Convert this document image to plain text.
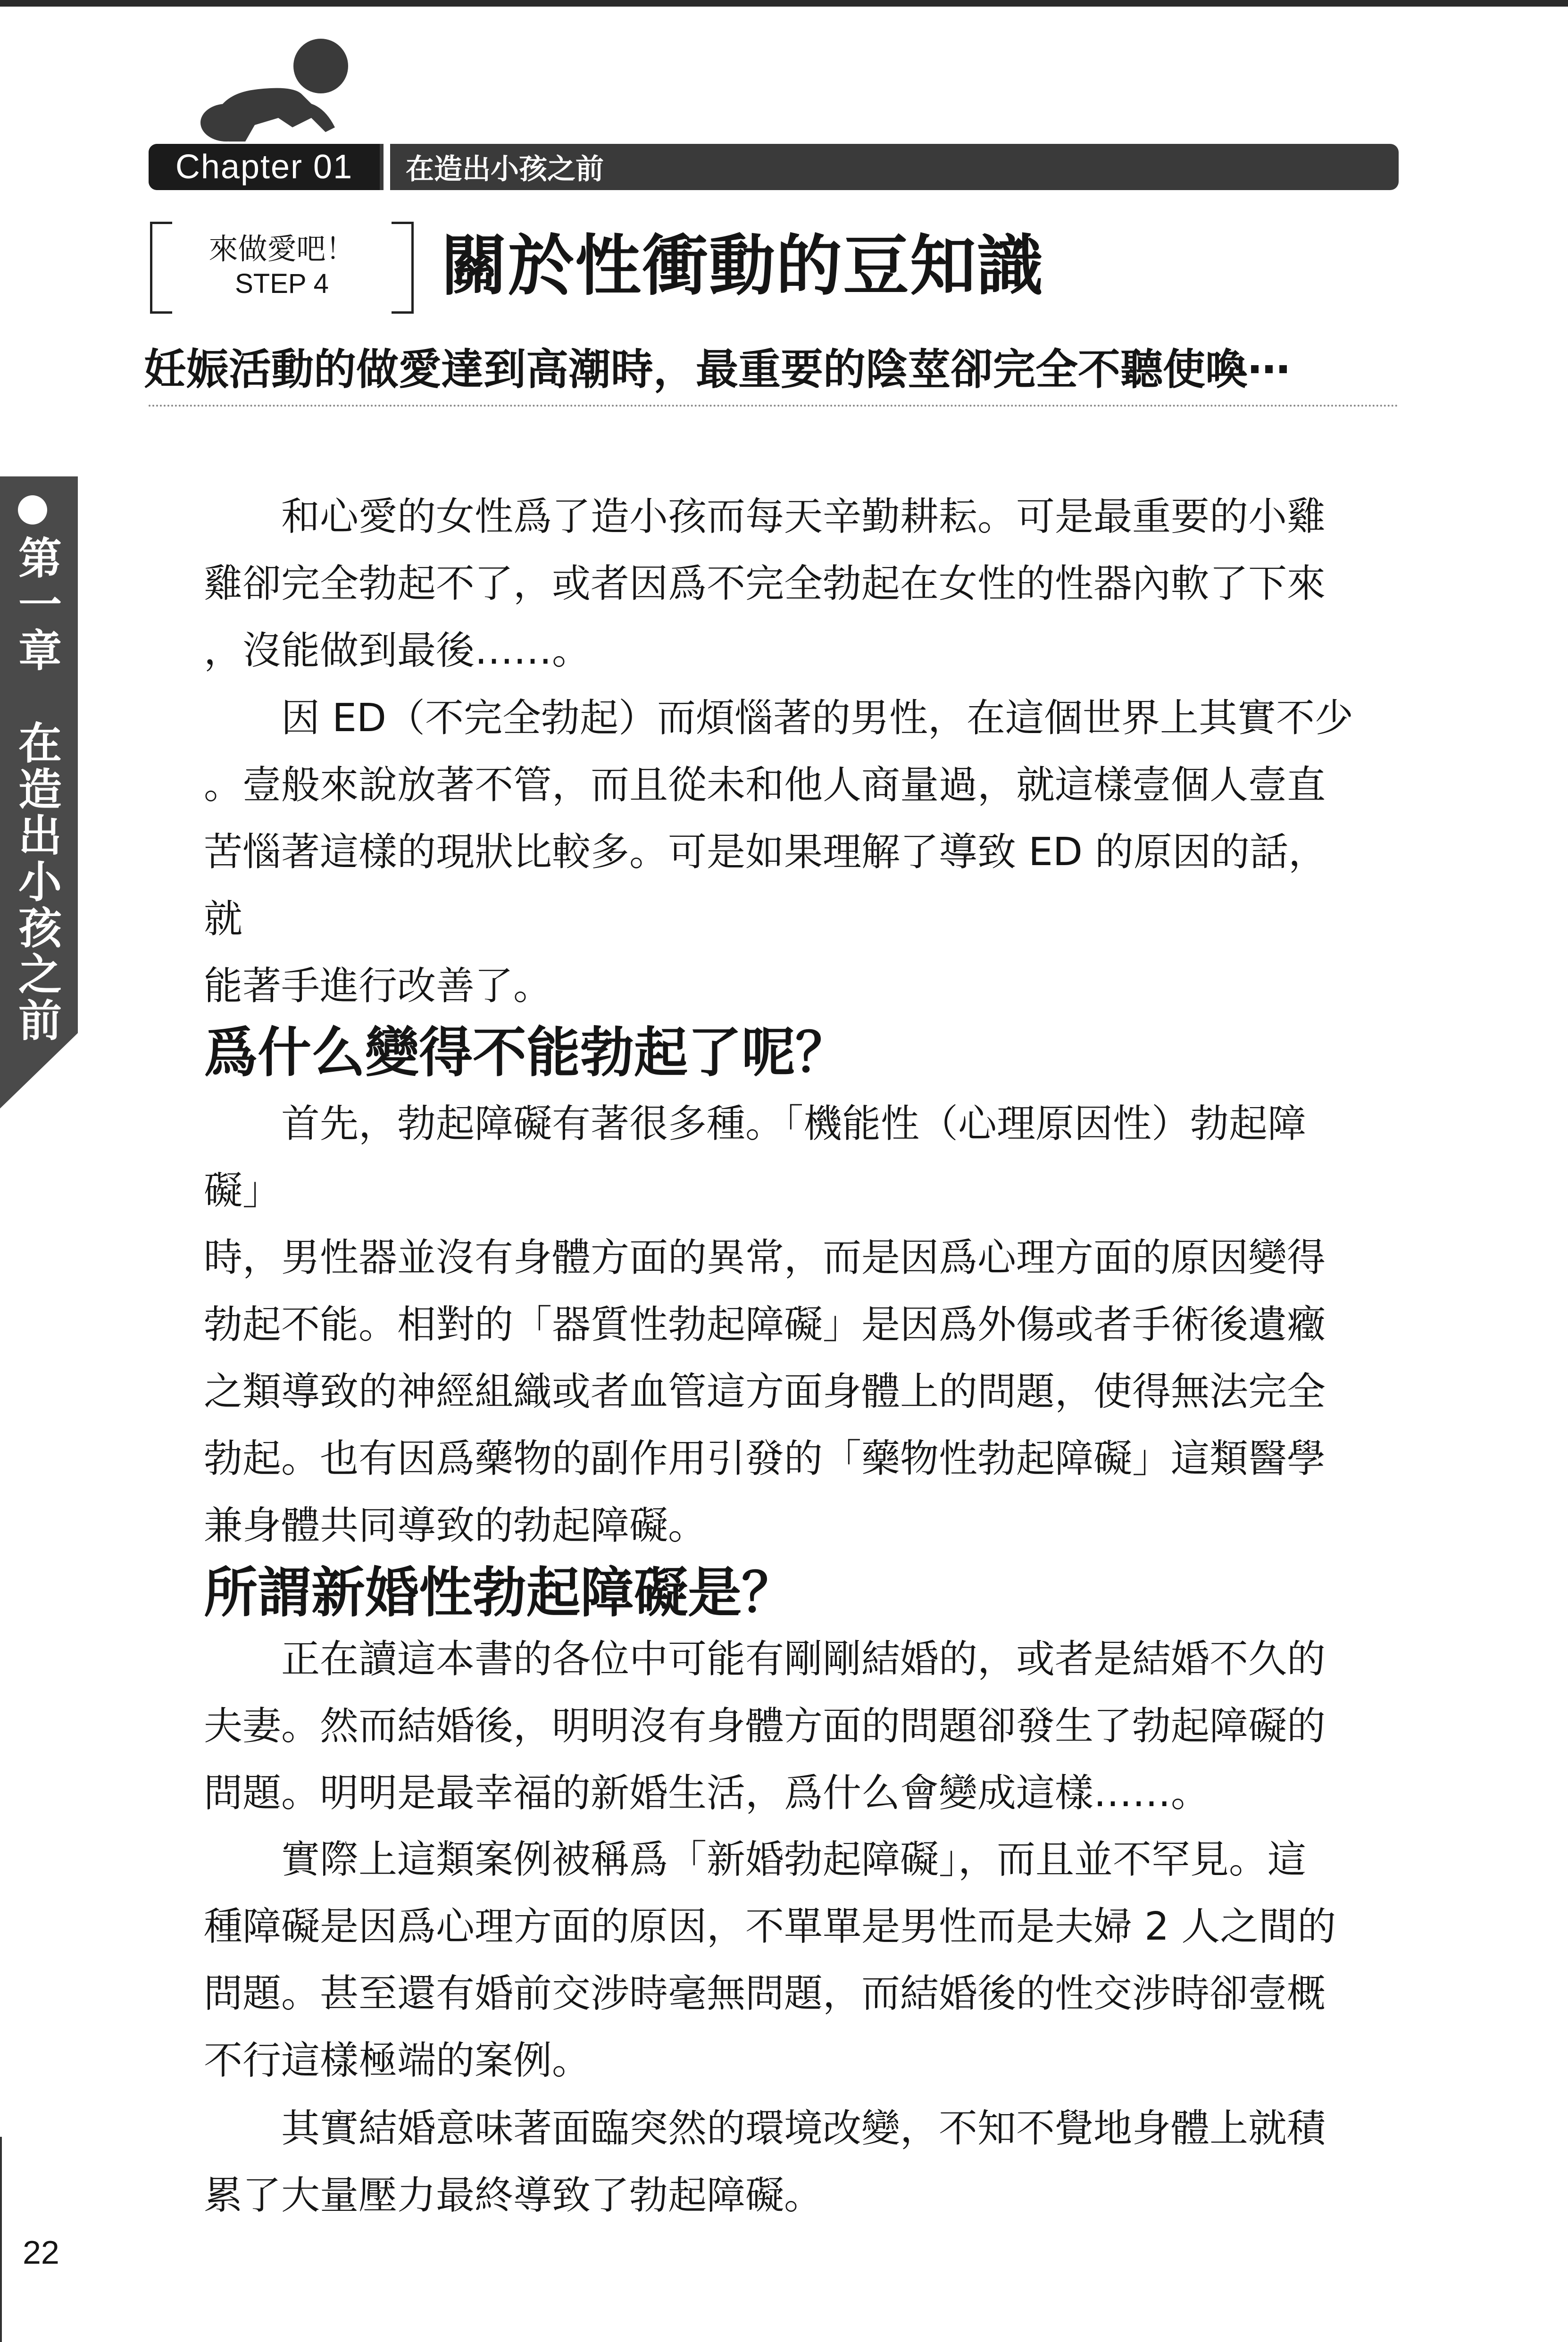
Chapter 01	在造出小孩之前
來做愛吧！
STEP 4	關於性衝動的豆知識
妊娠活動的做愛達到高潮時，最重要的陰莖卻完全不聽使喚⋯
第一章　在造出小孩之前

和心愛的女性爲了造小孩而每天辛勤耕耘。可是最重要的小雞
雞卻完全勃起不了，或者因爲不完全勃起在女性的性器內軟了下來
，沒能做到最後……。

因 ED（不完全勃起）而煩惱著的男性，在這個世界上其實不少
。壹般來說放著不管，而且從未和他人商量過，就這樣壹個人壹直
苦惱著這樣的現狀比較多。可是如果理解了導致 ED 的原因的話，就
能著手進行改善了。

爲什么變得不能勃起了呢？

首先，勃起障礙有著很多種。「機能性（心理原因性）勃起障礙」
時，男性器並沒有身體方面的異常，而是因爲心理方面的原因變得
勃起不能。相對的「器質性勃起障礙」是因爲外傷或者手術後遺癥
之類導致的神經組織或者血管這方面身體上的問題，使得無法完全
勃起。也有因爲藥物的副作用引發的「藥物性勃起障礙」這類醫學
兼身體共同導致的勃起障礙。

所謂新婚性勃起障礙是？

正在讀這本書的各位中可能有剛剛結婚的，或者是結婚不久的
夫妻。然而結婚後，明明沒有身體方面的問題卻發生了勃起障礙的
問題。明明是最幸福的新婚生活，爲什么會變成這樣……。

實際上這類案例被稱爲「新婚勃起障礙」，而且並不罕見。這
種障礙是因爲心理方面的原因，不單單是男性而是夫婦 2 人之間的
問題。甚至還有婚前交涉時毫無問題，而結婚後的性交涉時卻壹概
不行這樣極端的案例。

其實結婚意味著面臨突然的環境改變，不知不覺地身體上就積
累了大量壓力最終導致了勃起障礙。

22
